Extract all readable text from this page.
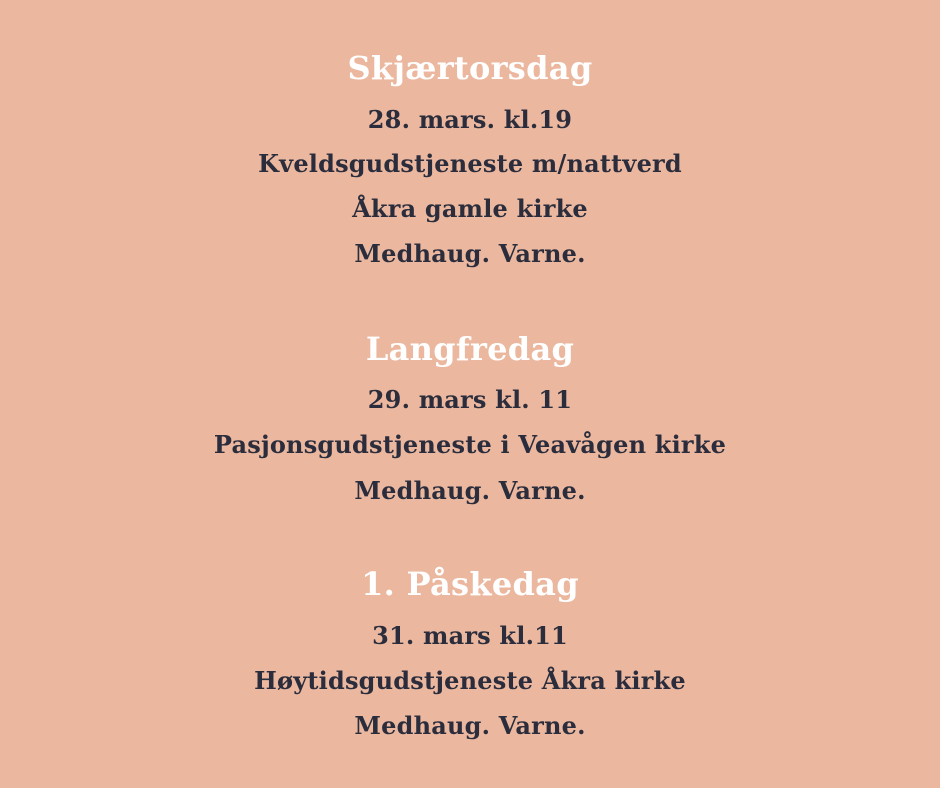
Skjærtorsdag
28. mars. kl.19
Kveldsgudstjeneste m/nattverd
Åkra gamle kirke
Medhaug. Varne.
Langfredag
29. mars kl. 11
Pasjonsgudstjeneste i Veavågen kirke
Medhaug. Varne.
1. Påskedag
31. mars kl.11
Høytidsgudstjeneste Åkra kirke
Medhaug. Varne.
